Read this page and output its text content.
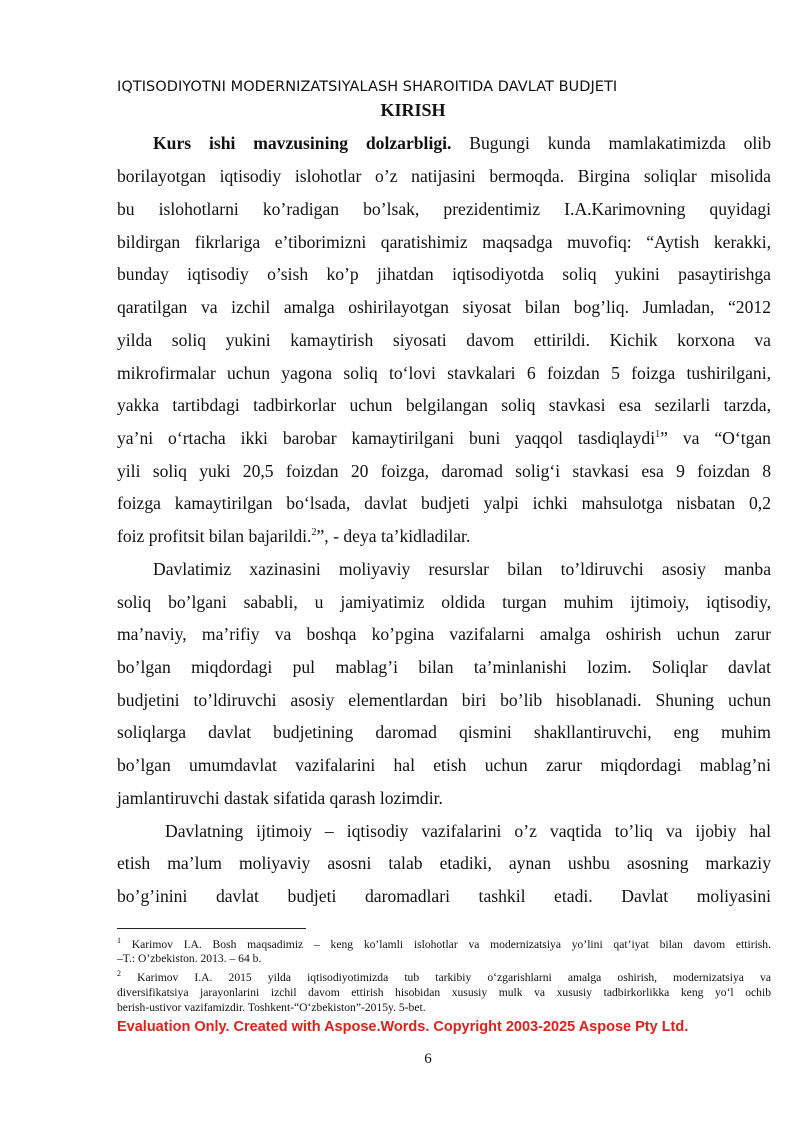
IQTISODIYOTNI MODERNIZATSIYALASH SHAROITIDA DAVLAT BUDJETI
KIRISH
Kurs ishi mavzusining dolzarbligi. Bugungi kunda mamlakatimizda olib
borilayotgan iqtisodiy islohotlar o’z natijasini bermoqda. Birgina soliqlar misolida
bu islohotlarni ko’radigan bo’lsak, prezidentimiz I.A.Karimovning quyidagi
bildirgan fikrlariga e’tiborimizni qaratishimiz maqsadga muvofiq: “Aytish kerakki,
bunday iqtisodiy o’sish ko’p jihatdan iqtisodiyotda soliq yukini pasaytirishga
qaratilgan va izchil amalga oshirilayotgan siyosat bilan bog’liq. Jumladan, “2012
yilda soliq yukini kamaytirish siyosati davom ettirildi. Kichik korxona va
mikrofirmalar uchun yagona soliq to‘lovi stavkalari 6 foizdan 5 foizga tushirilgani,
yakka tartibdagi tadbirkorlar uchun belgilangan soliq stavkasi esa sezilarli tarzda,
ya’ni o‘rtacha ikki barobar kamaytirilgani buni yaqqol tasdiqlaydi$^1$” va “O‘tgan
yili soliq yuki 20,5 foizdan 20 foizga, daromad solig‘i stavkasi esa 9 foizdan 8
foizga kamaytirilgan bo‘lsada, davlat budjeti yalpi ichki mahsulotga nisbatan 0,2
foiz profitsit bilan bajarildi.$^2$”, - deya ta’kidladilar.
Davlatimiz xazinasini moliyaviy resurslar bilan to’ldiruvchi asosiy manba
soliq bo’lgani sababli, u jamiyatimiz oldida turgan muhim ijtimoiy, iqtisodiy,
ma’naviy, ma’rifiy va boshqa ko’pgina vazifalarni amalga oshirish uchun zarur
bo’lgan miqdordagi pul mablag’i bilan ta’minlanishi lozim. Soliqlar davlat
budjetini to’ldiruvchi asosiy elementlardan biri bo’lib hisoblanadi. Shuning uchun
soliqlarga davlat budjetining daromad qismini shakllantiruvchi, eng muhim
bo’lgan umumdavlat vazifalarini hal etish uchun zarur miqdordagi mablag’ni
jamlantiruvchi dastak sifatida qarash lozimdir.
Davlatning ijtimoiy – iqtisodiy vazifalarini o’z vaqtida to’liq va ijobiy hal
etish ma’lum moliyaviy asosni talab etadiki, aynan ushbu asosning markaziy
bo’g’inini davlat budjeti daromadlari tashkil etadi. Davlat moliyasini
$^1$ Karimov I.A. Bosh maqsadimiz – keng ko’lamli islohotlar va modernizatsiya yo’lini qat’iyat bilan davom ettirish.
–T.: O’zbekiston. 2013. – 64 b.
$^2$ Karimov I.A. 2015 yilda iqtisodiyotimizda tub tarkibiy o‘zgarishlarni amalga oshirish, modernizatsiya va
diversifikatsiya jarayonlarini izchil davom ettirish hisobidan xususiy mulk va xususiy tadbirkorlikka keng yo‘l ochib
berish-ustivor vazifamizdir. Toshkent-“O‘zbekiston”-2015y. 5-bet.
Evaluation Only. Created with Aspose.Words. Copyright 2003-2025 Aspose Pty Ltd.
6
